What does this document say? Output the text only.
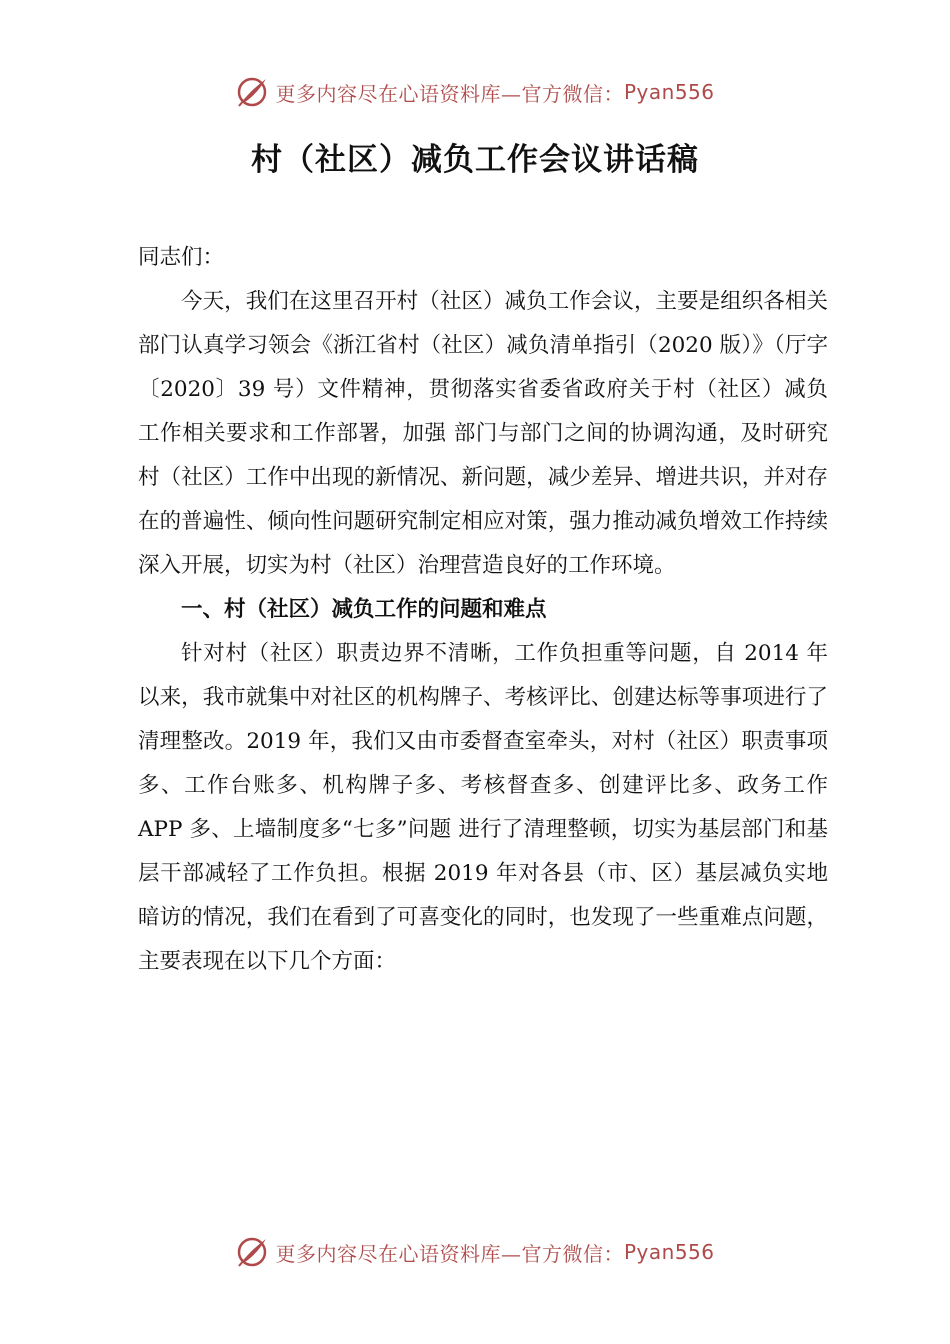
更多内容尽在心语资料库—官方微信： Pyan556
村（社区）减负工作会议讲话稿

同志们：

今天，我们在这里召开村（社区）减负工作会议，主要是组织各相关部门认真学习领会《浙江省村（社区）减负清单指引（2020 版）》（厅字〔2020〕39 号）文件精神，贯彻落实省委省政府关于村（社区）减负工作相关要求和工作部署，加强 部门与部门之间的协调沟通，及时研究村（社区）工作中出现的新情况、新问题，减少差异、增进共识，并对存在的普遍性、倾向性问题研究制定相应对策，强力推动减负增效工作持续深入开展，切实为村（社区）治理营造良好的工作环境。

一、村（社区）减负工作的问题和难点

针对村（社区）职责边界不清晰，工作负担重等问题，自 2014 年以来，我市就集中对社区的机构牌子、考核评比、创建达标等事项进行了清理整改。2019 年，我们又由市委督查室牵头，对村（社区）职责事项多、工作台账多、机构牌子多、考核督查多、创建评比多、政务工作 APP 多、上墙制度多“七多”问题 进行了清理整顿，切实为基层部门和基层干部减轻了工作负担。根据 2019 年对各县（市、区）基层减负实地暗访的情况，我们在看到了可喜变化的同时，也发现了一些重难点问题，主要表现在以下几个方面：

更多内容尽在心语资料库—官方微信： Pyan556
